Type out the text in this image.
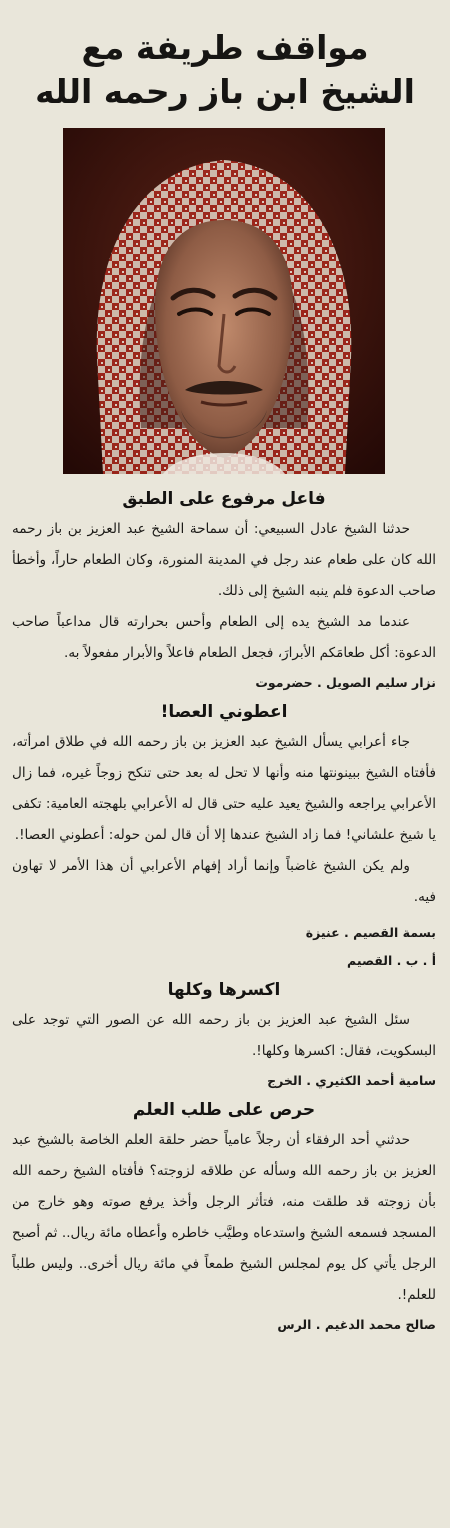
مواقف طريفة مع
الشيخ ابن باز رحمه الله
فاعل مرفوع على الطبق

حدثنا الشيخ عادل السبيعي: أن سماحة الشيخ عبد العزيز بن باز رحمه الله كان على طعام عند رجل في المدينة المنورة، وكان الطعام حاراً، وأخطأ صاحب الدعوة فلم ينبه الشيخ إلى ذلك.

عندما مد الشيخ يده إلى الطعام وأحس بحرارته قال مداعباً صاحب الدعوة: أكل طعامَكم الأبرارَ، فجعل الطعام فاعلاً والأبرار مفعولاً به.

نزار سليم الصويل . حضرموت
اعطوني العصا!

جاء أعرابي يسأل الشيخ عبد العزيز بن باز رحمه الله في طلاق امرأته، فأفتاه الشيخ ببينونتها منه وأنها لا تحل له بعد حتى تنكح زوجاً غيره، فما زال الأعرابي يراجعه والشيخ يعيد عليه حتى قال له الأعرابي بلهجته العامية: تكفى يا شيخ علشاني! فما زاد الشيخ عندها إلا أن قال لمن حوله: أعطوني العصا!.

ولم يكن الشيخ غاضباً وإنما أراد إفهام الأعرابي أن هذا الأمر لا تهاون فيه.

بسمة القصيم . عنيزة
أ . ب . القصيم
اكسرها وكلها

سئل الشيخ عبد العزيز بن باز رحمه الله عن الصور التي توجد على البسكويت، فقال: اكسرها وكلها!.

سامية أحمد الكثيري . الخرج
حرص على طلب العلم

حدثني أحد الرفقاء أن رجلاً عامياً حضر حلقة العلم الخاصة بالشيخ عبد العزيز بن باز رحمه الله وسأله عن طلاقه لزوجته؟ فأفتاه الشيخ رحمه الله بأن زوجته قد طلقت منه، فتأثر الرجل وأخذ يرفع صوته وهو خارج من المسجد فسمعه الشيخ واستدعاه وطيَّب خاطره وأعطاه مائة ريال.. ثم أصبح الرجل يأتي كل يوم لمجلس الشيخ طمعاً في مائة ريال أخرى.. وليس طلباً للعلم!.

صالح محمد الدغيم . الرس
